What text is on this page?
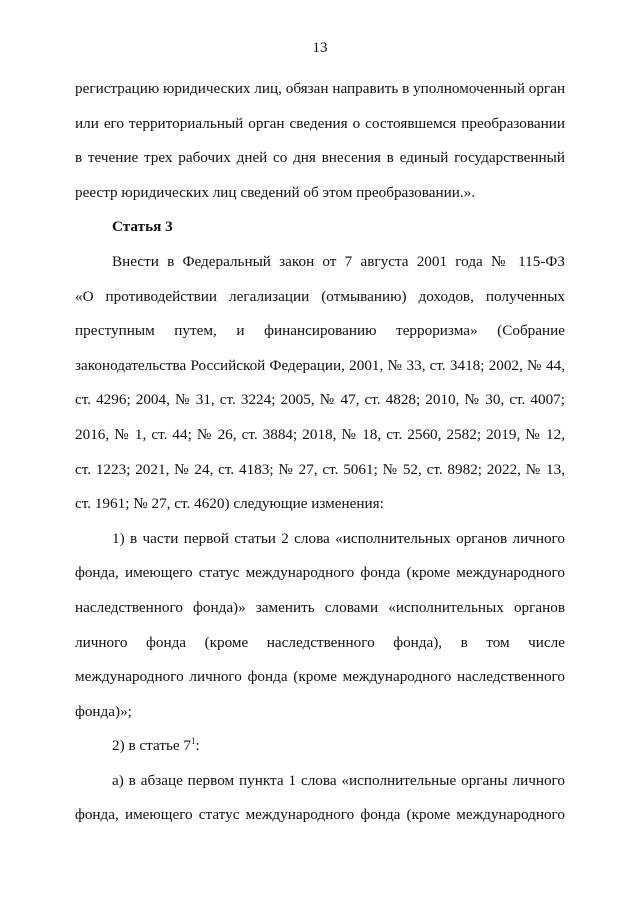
13
регистрацию юридических лиц, обязан направить в уполномоченный орган
или его территориальный орган сведения о состоявшемся преобразовании
в течение трех рабочих дней со дня внесения в единый государственный
реестр юридических лиц сведений об этом преобразовании.».
Статья 3
Внести в Федеральный закон от 7 августа 2001 года № 115-ФЗ
«О противодействии легализации (отмыванию) доходов, полученных
преступным путем, и финансированию терроризма» (Собрание
законодательства Российской Федерации, 2001, № 33, ст. 3418; 2002, № 44,
ст. 4296; 2004, № 31, ст. 3224; 2005, № 47, ст. 4828; 2010, № 30, ст. 4007;
2016, № 1, ст. 44; № 26, ст. 3884; 2018, № 18, ст. 2560, 2582; 2019, № 12,
ст. 1223; 2021, № 24, ст. 4183; № 27, ст. 5061; № 52, ст. 8982; 2022, № 13,
ст. 1961; № 27, ст. 4620) следующие изменения:
1) в части первой статьи 2 слова «исполнительных органов личного
фонда, имеющего статус международного фонда (кроме международного
наследственного фонда)» заменить словами «исполнительных органов
личного фонда (кроме наследственного фонда), в том числе
международного личного фонда (кроме международного наследственного
фонда)»;
2) в статье $7^1$:
а) в абзаце первом пункта 1 слова «исполнительные органы личного
фонда, имеющего статус международного фонда (кроме международного
